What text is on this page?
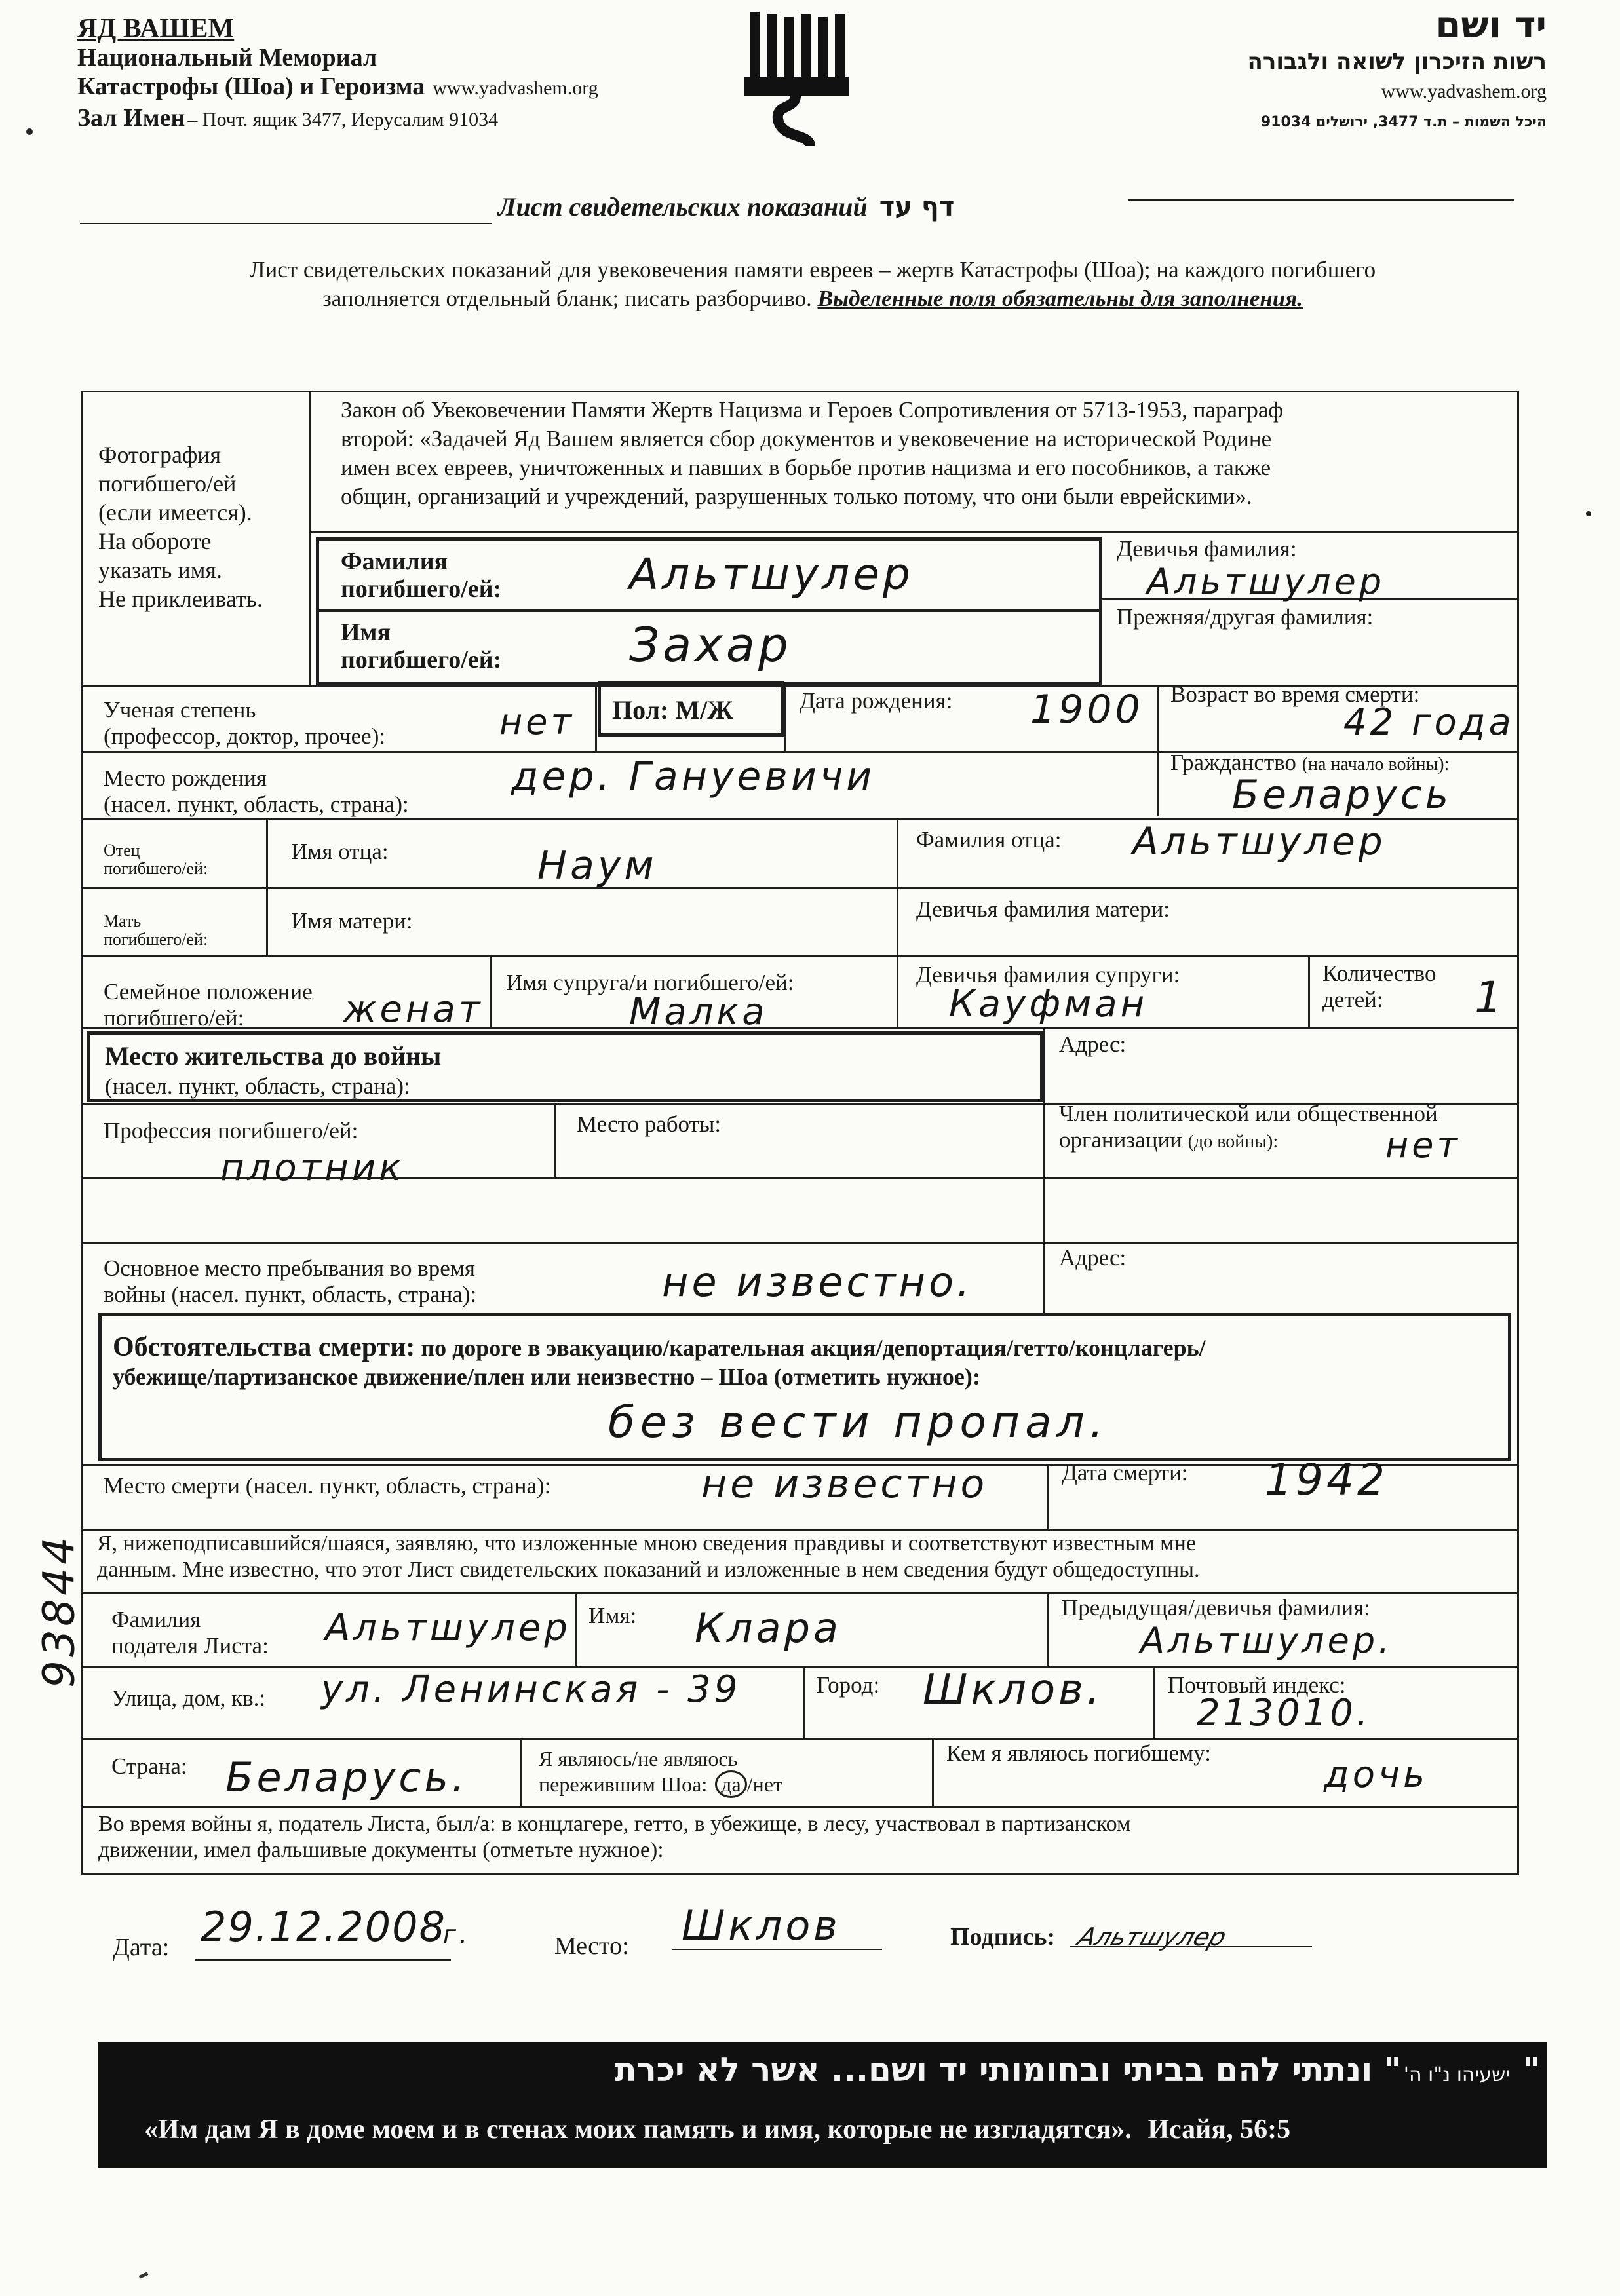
ЯД ВАШЕМ
Национальный Мемориал
Катастрофы (Шоа) и Героизма www.yadvashem.org
Зал Имен – Почт. ящик 3477, Иерусалим 91034
יד ושם
רשות הזיכרון לשואה ולגבורה
www.yadvashem.org
היכל השמות – ת.ד 3477, ירושלים 91034
Лист свидетельских показаний דף עד
Лист свидетельских показаний для увековечения памяти евреев – жертв Катастрофы (Шоа); на каждого погибшего
заполняется отдельный бланк; писать разборчиво. Выделенные поля обязательны для заполнения.
Фотография
погибшего/ей
(если имеется).
На обороте
указать имя.
Не приклеивать.
Закон об Увековечении Памяти Жертв Нацизма и Героев Сопротивления от 5713-1953, параграф
второй: «Задачей Яд Вашем является сбор документов и увековечение на исторической Родине
имен всех евреев, уничтоженных и павших в борьбе против нацизма и его пособников, а также
общин, организаций и учреждений, разрушенных только потому, что они были еврейскими».
Фамилия
погибшего/ей:	Альтшулер
Имя
погибшего/ей:	Захар
Девичья фамилия:
Альтшулер
Прежняя/другая фамилия:
Ученая степень
(профессор, доктор, прочее):	нет Пол: М/Ж	Дата рождения: 1900 Возраст во время смерти:
42 года
Место рождения
(насел. пункт, область, страна):
дер. Гануевичи	Гражданство (на начало войны):
Беларусь
Отец
погибшего/ей:
Имя отца:	Наум
Фамилия отца: Альтшулер
Мать
погибшего/ей:
Имя матери:	Девичья фамилия матери:
Семейное положение
погибшего/ей:	женат
Имя супруга/и погибшего/ей:
Малка
Девичья фамилия супруги:
Кауфман
Количество
детей:	1
Место жительства до войны
(насел. пункт, область, страна):
Адрес:
Профессия погибшего/ей:
плотник
Место работы:	Член политической или общественной
организации (до войны):	нет
Основное место пребывания во время
войны (насел. пункт, область, страна):	не известно.
Адрес:
Обстоятельства смерти: по дороге в эвакуацию/карательная акция/депортация/гетто/концлагерь/
убежище/партизанское движение/плен или неизвестно – Шоа (отметить нужное):
без вести пропал.
Место смерти (насел. пункт, область, страна):	не известно	Дата смерти: 1942
Я, нижеподписавшийся/шаяся, заявляю, что изложенные мною сведения правдивы и соответствуют известным мне
данным. Мне известно, что этот Лист свидетельских показаний и изложенные в нем сведения будут общедоступны.
Фамилия
подателя Листа: Альтшулер Имя: Клара	Предыдущая/девичья фамилия:
Альтшулер.
Улица, дом, кв.: ул. Ленинская - 39	Город: Шклов.	Почтовый индекс:
213010.
Страна: Беларусь.	Я являюсь/не являюсь
пережившим Шоа: да /нет
Кем я являюсь погибшему:
дочь
Во время войны я, податель Листа, был/а: в концлагере, гетто, в убежище, в лесу, участвовал в партизанском
движении, имел фальшивые документы (отметьте нужное):
Дата: 29.12.2008
г.	Место: Шклов	Подпись: Альтшулер
ישעיהו נ"ו ה' " ונתתי להם בביתי ובחומותי יד ושם... אשר לא יכרת"
«Им дам Я в доме моем и в стенах моих память и имя, которые не изгладятся». Исайя, 56:5
93844
